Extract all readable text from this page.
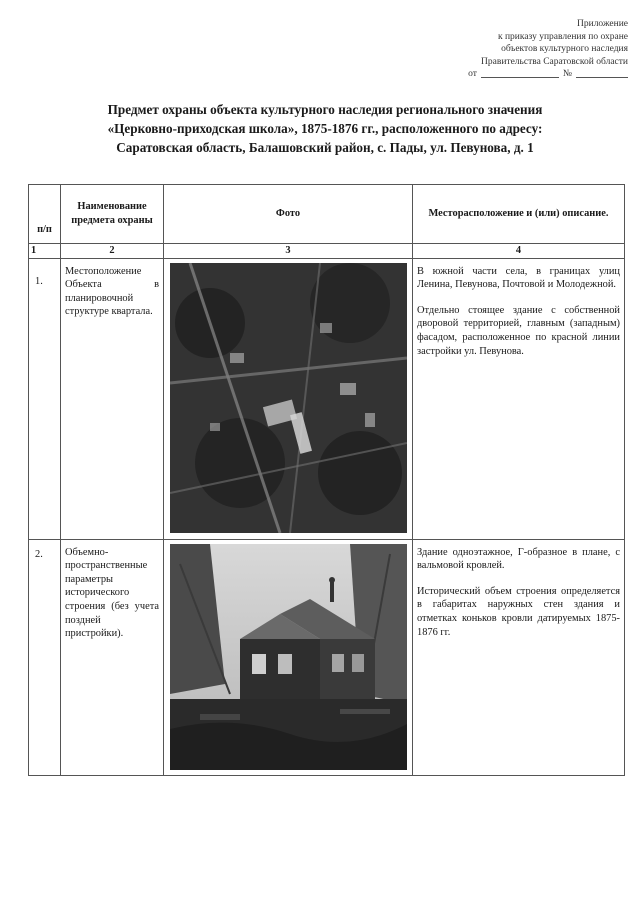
Приложение
к приказу управления по охране
объектов культурного наследия
Правительства Саратовской области
от	№
Предмет охраны объекта культурного наследия регионального значения
«Церковно-приходская школа», 1875-1876 гг., расположенного по адресу:
Саратовская область, Балашовский район, с. Пады, ул. Певунова, д. 1
п/п	Наименование предмета охраны	Фото	Месторасположение и (или) описание.
1	2	3	4
1.	Местоположение Объекта в планировочной структуре квартала.		В южной части села, в границах улиц Ленина, Певунова, Почтовой и Молодежной.

Отдельно стоящее здание с собственной дворовой территорией, главным (западным) фасадом, расположенное по красной линии застройки ул. Певунова.

2.	Объемно-пространственные параметры исторического строения (без учета поздней пристройки).		Здание одноэтажное, Г-образное в плане, с вальмовой кровлей.

Исторический объем строения определяется в габаритах наружных стен здания и отметках коньков кровли датируемых 1875-1876 гг.
